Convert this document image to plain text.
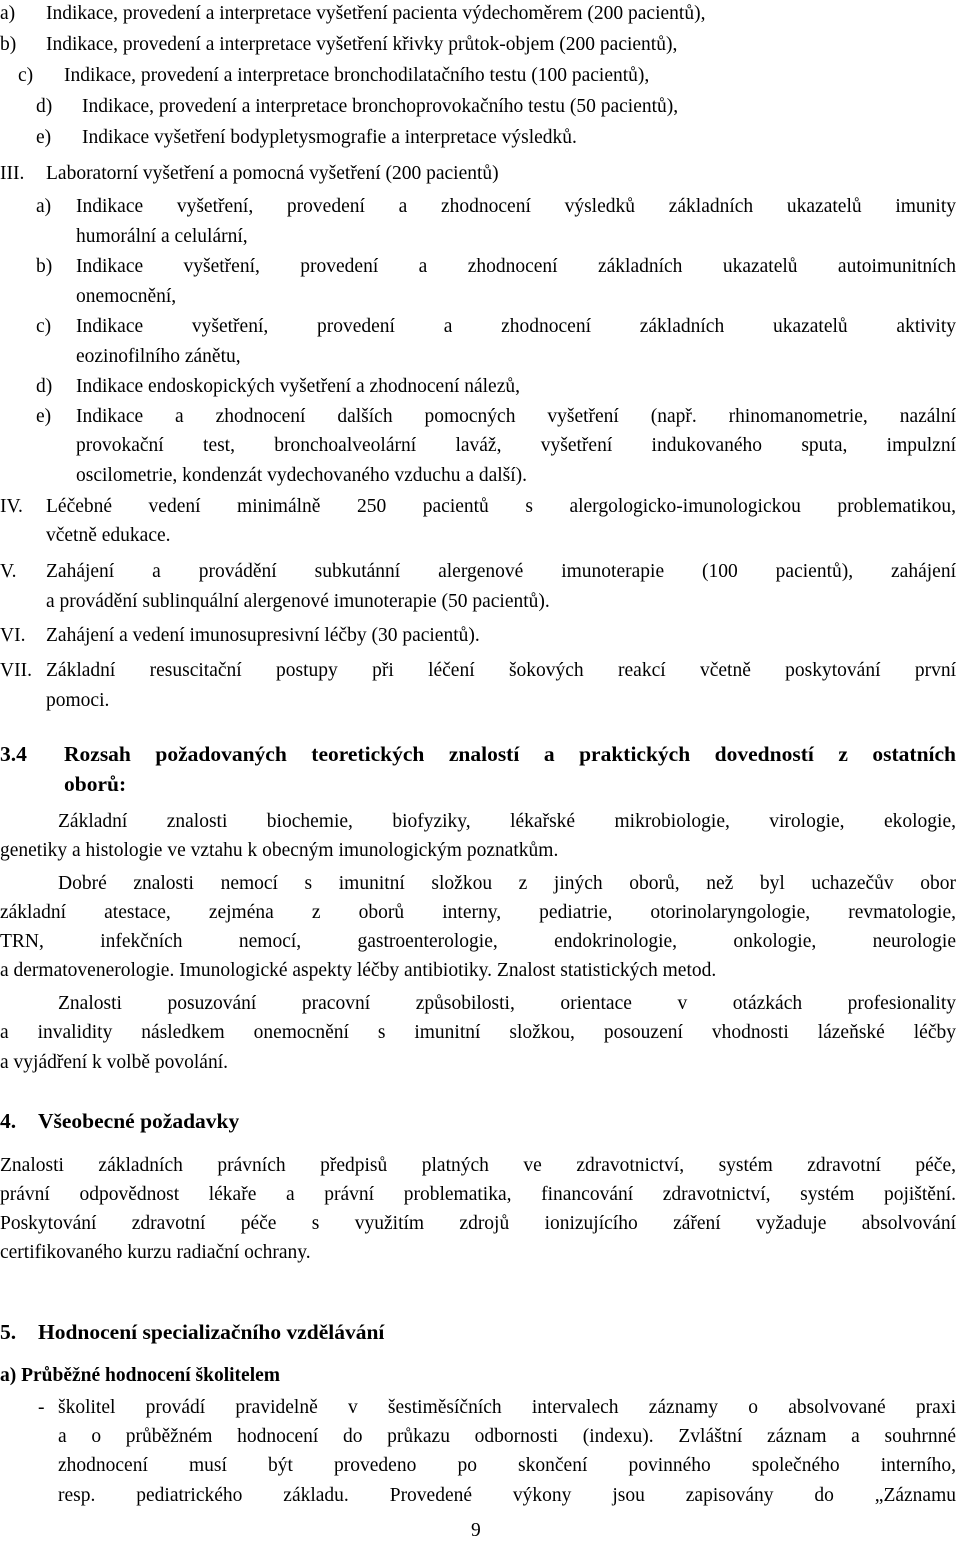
a) Indikace, provedení a interpretace vyšetření pacienta výdechoměrem (200 pacientů),
b) Indikace, provedení a interpretace vyšetření křivky průtok-objem (200 pacientů),
c) Indikace, provedení a interpretace bronchodilatačního testu (100 pacientů),
d) Indikace, provedení a interpretace bronchoprovokačního testu (50 pacientů),
e) Indikace vyšetření bodypletysmografie a interpretace výsledků.
III. Laboratorní vyšetření a pomocná vyšetření (200 pacientů)
a) Indikace vyšetření, provedení a zhodnocení výsledků základních ukazatelů imunity
humorální a celulární,
b) Indikace vyšetření, provedení a zhodnocení základních ukazatelů autoimunitních
onemocnění,
c) Indikace vyšetření, provedení a zhodnocení základních ukazatelů aktivity
eozinofilního zánětu,
d) Indikace endoskopických vyšetření a zhodnocení nálezů,
e) Indikace a zhodnocení dalších pomocných vyšetření (např. rhinomanometrie, nazální
provokační test, bronchoalveolární laváž, vyšetření indukovaného sputa, impulzní
oscilometrie, kondenzát vydechovaného vzduchu a další).
IV. Léčebné vedení minimálně 250 pacientů s alergologicko-imunologickou problematikou,
včetně edukace.
V. Zahájení a provádění subkutánní alergenové imunoterapie (100 pacientů), zahájení
a provádění sublinquální alergenové imunoterapie (50 pacientů).
VI. Zahájení a vedení imunosupresivní léčby (30 pacientů).
VII. Základní resuscitační postupy při léčení šokových reakcí včetně poskytování první
pomoci.
3.4 Rozsah požadovaných teoretických znalostí a praktických dovedností z ostatních
oborů:
Základní znalosti biochemie, biofyziky, lékařské mikrobiologie, virologie, ekologie,
genetiky a histologie ve vztahu k obecným imunologickým poznatkům.
Dobré znalosti nemocí s imunitní složkou z jiných oborů, než byl uchazečův obor
základní atestace, zejména z oborů interny, pediatrie, otorinolaryngologie, revmatologie,
TRN, infekčních nemocí, gastroenterologie, endokrinologie, onkologie, neurologie
a dermatovenerologie. Imunologické aspekty léčby antibiotiky. Znalost statistických metod.
Znalosti posuzování pracovní způsobilosti, orientace v otázkách profesionality
a invalidity následkem onemocnění s imunitní složkou, posouzení vhodnosti lázeňské léčby
a vyjádření k volbě povolání.
4. Všeobecné požadavky
Znalosti základních právních předpisů platných ve zdravotnictví, systém zdravotní péče,
právní odpovědnost lékaře a právní problematika, financování zdravotnictví, systém pojištění.
Poskytování zdravotní péče s využitím zdrojů ionizujícího záření vyžaduje absolvování
certifikovaného kurzu radiační ochrany.
5. Hodnocení specializačního vzdělávání
a) Průběžné hodnocení školitelem
- školitel provádí pravidelně v šestiměsíčních intervalech záznamy o absolvované praxi
a o průběžném hodnocení do průkazu odbornosti (indexu). Zvláštní záznam a souhrnné
zhodnocení musí být provedeno po skončení povinného společného interního,
resp. pediatrického základu. Provedené výkony jsou zapisovány do „Záznamu
9
